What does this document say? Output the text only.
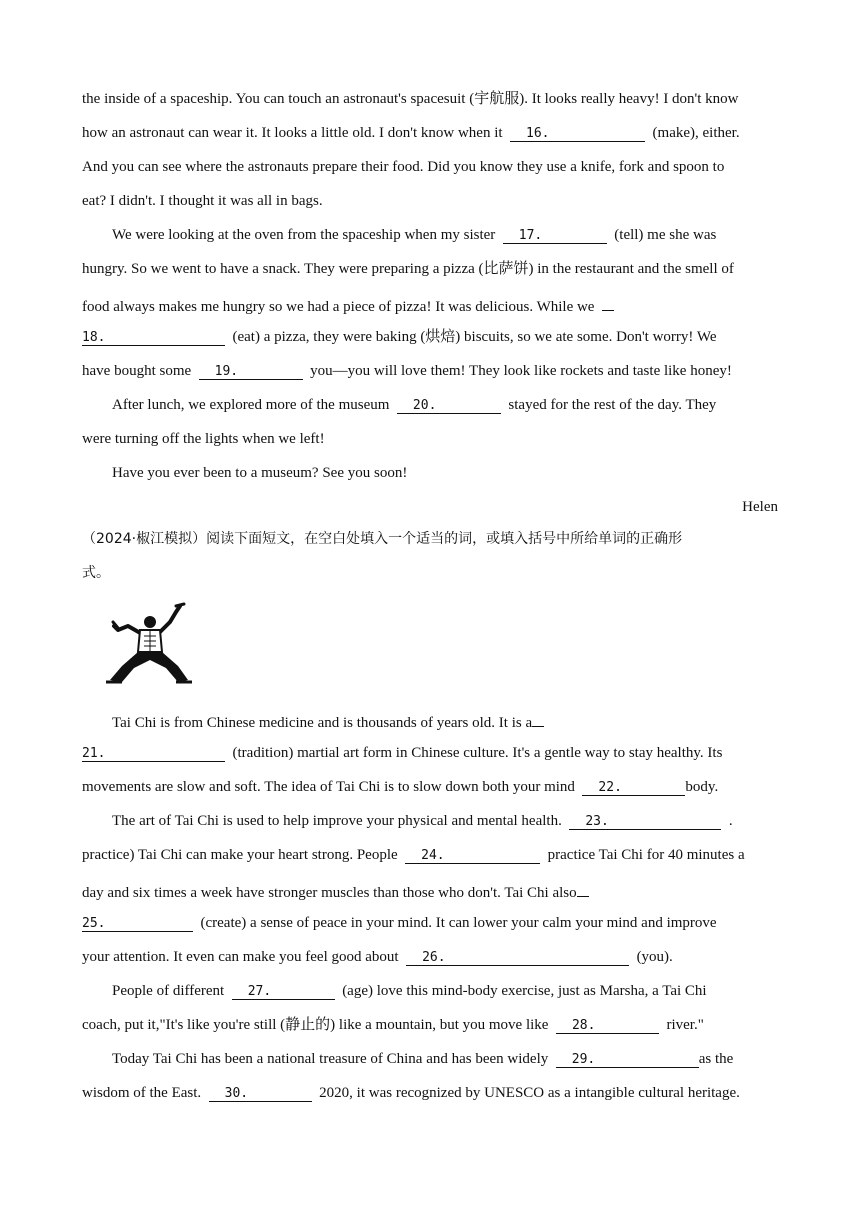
the inside of a spaceship. You can touch an astronaut's spacesuit (宇航服). It looks really heavy! I don't know
how an astronaut can wear it. It looks a little old. I don't know when it 16.	(make), either.
And you can see where the astronauts prepare their food. Did you know they use a knife, fork and spoon to
eat? I didn't. I thought it was all in bags.
We were looking at the oven from the spaceship when my sister 17.	(tell) me she was
hungry. So we went to have a snack. They were preparing a pizza (比萨饼) in the restaurant and the smell of
food always makes me hungry so we had a piece of pizza! It was delicious. While we
18.	(eat) a pizza, they were baking (烘焙) biscuits, so we ate some. Don't worry! We
have bought some 19.	you—you will love them! They look like rockets and taste like honey!
After lunch, we explored more of the museum 20.	stayed for the rest of the day. They
were turning off the lights when we left!
Have you ever been to a museum? See you soon!
Helen
（2024·椒江模拟）阅读下面短文，在空白处填入一个适当的词，或填入括号中所给单词的正确形
式。
Tai Chi is from Chinese medicine and is thousands of years old. It is a
21.	(tradition) martial art form in Chinese culture. It's a gentle way to stay healthy. Its
movements are slow and soft. The idea of Tai Chi is to slow down both your mind 22.	body.
The art of Tai Chi is used to help improve your physical and mental health. 23.	.
practice) Tai Chi can make your heart strong. People 24.	practice Tai Chi for 40 minutes a
day and six times a week have stronger muscles than those who don't. Tai Chi also
25.	(create) a sense of peace in your mind. It can lower your calm your mind and improve
your attention. It even can make you feel good about 26.	(you).
People of different 27.	(age) love this mind-body exercise, just as Marsha, a Tai Chi
coach, put it,"It's like you're still (静止的) like a mountain, but you move like 28.	river."
Today Tai Chi has been a national treasure of China and has been widely 29.	as the
wisdom of the East. 30.	2020, it was recognized by UNESCO as a intangible cultural heritage.
